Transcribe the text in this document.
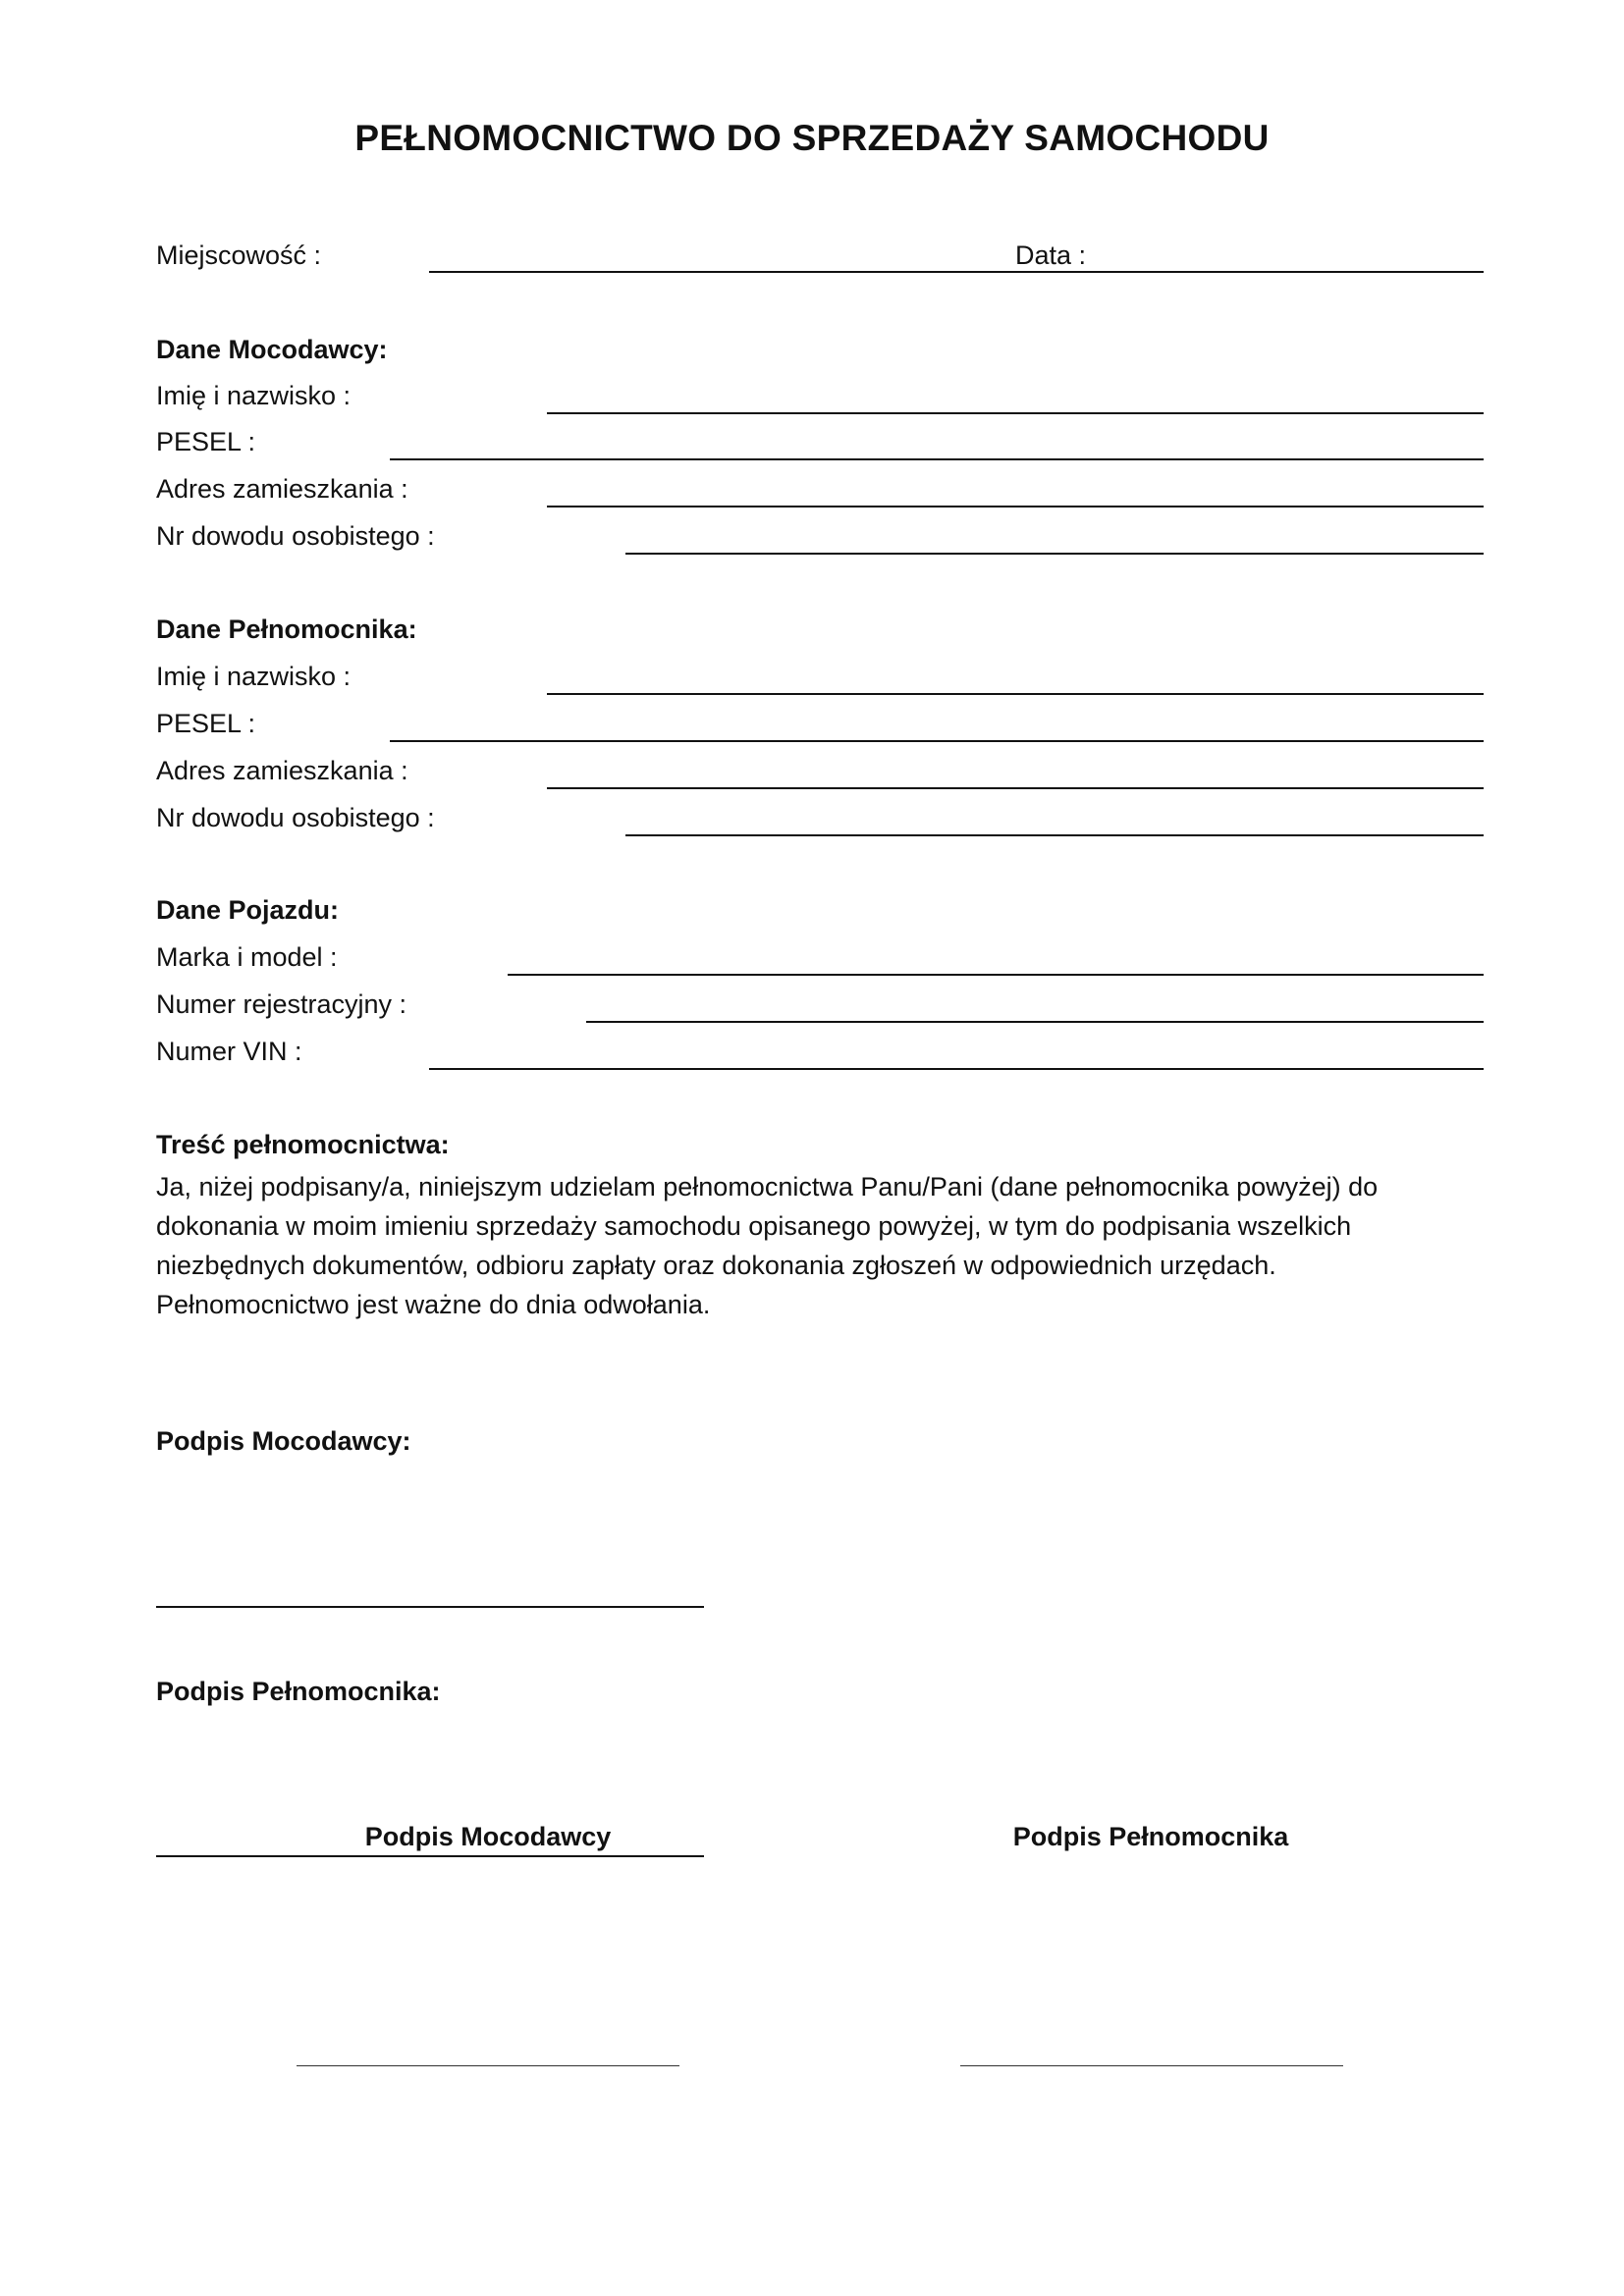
PEŁNOMOCNICTWO DO SPRZEDAŻY SAMOCHODU
Miejscowość :	Data :
Dane Mocodawcy:
Imię i nazwisko :
PESEL :
Adres zamieszkania :
Nr dowodu osobistego :
Dane Pełnomocnika:
Imię i nazwisko :
PESEL :
Adres zamieszkania :
Nr dowodu osobistego :
Dane Pojazdu:
Marka i model :
Numer rejestracyjny :
Numer VIN :
Treść pełnomocnictwa:
Ja, niżej podpisany/a, niniejszym udzielam pełnomocnictwa Panu/Pani (dane pełnomocnika powyżej) do
dokonania w moim imieniu sprzedaży samochodu opisanego powyżej, w tym do podpisania wszelkich
niezbędnych dokumentów, odbioru zapłaty oraz dokonania zgłoszeń w odpowiednich urzędach.
Pełnomocnictwo jest ważne do dnia odwołania.
Podpis Mocodawcy:
Podpis Pełnomocnika:
Podpis Mocodawcy	Podpis Pełnomocnika
